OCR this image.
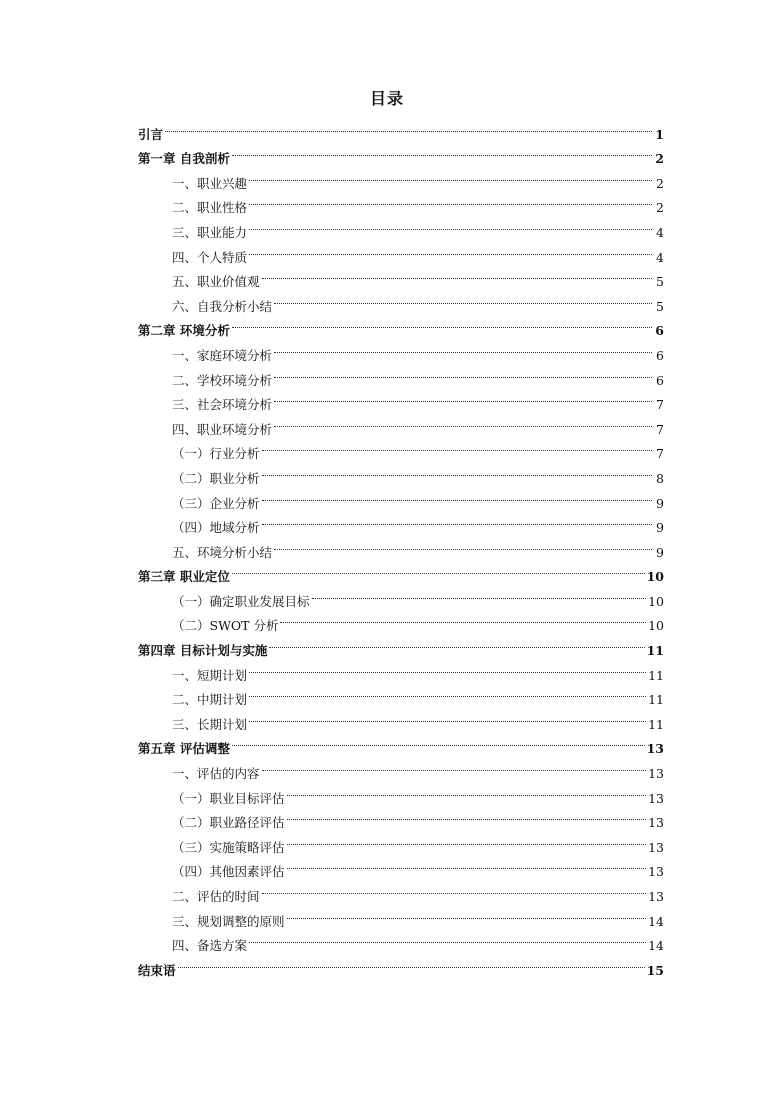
目录
引言	1
第一章 自我剖析	2
一、职业兴趣	2
二、职业性格	2
三、职业能力	4
四、个人特质	4
五、职业价值观	5
六、自我分析小结	5
第二章 环境分析	6
一、家庭环境分析	6
二、学校环境分析	6
三、社会环境分析	7
四、职业环境分析	7
（一）行业分析	7
（二）职业分析	8
（三）企业分析	9
（四）地域分析	9
五、环境分析小结	9
第三章 职业定位	10
（一）确定职业发展目标	10
（二）SWOT 分析	10
第四章 目标计划与实施	11
一、短期计划	11
二、中期计划	11
三、长期计划	11
第五章 评估调整	13
一、评估的内容	13
（一）职业目标评估	13
（二）职业路径评估	13
（三）实施策略评估	13
（四）其他因素评估	13
二、评估的时间	13
三、规划调整的原则	14
四、备选方案	14
结束语	15
